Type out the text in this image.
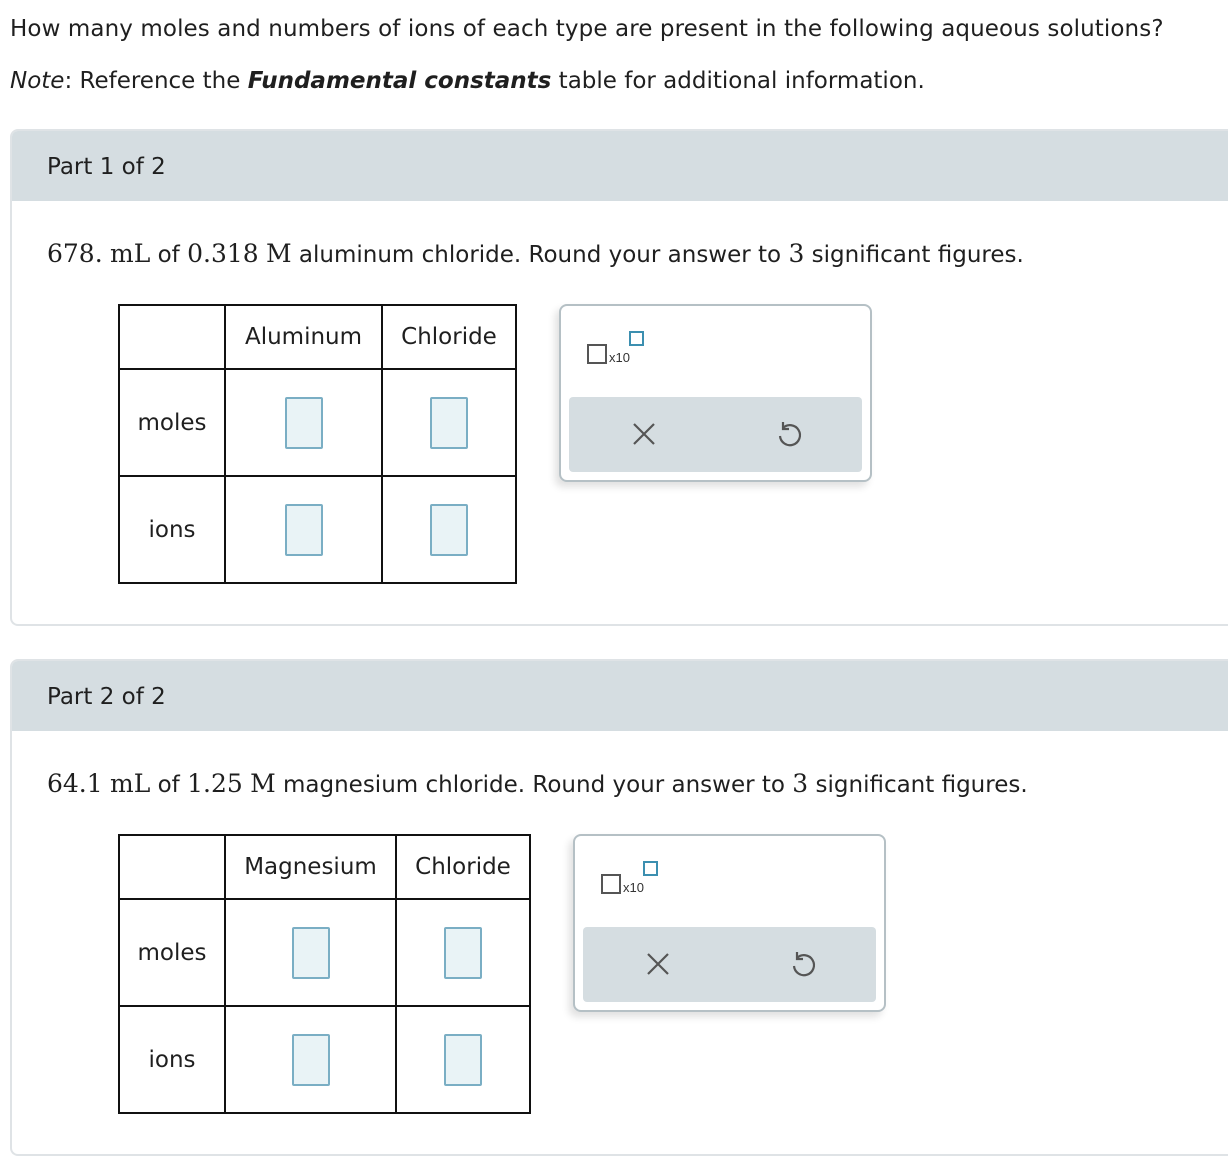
How many moles and numbers of ions of each type are present in the following aqueous solutions?
Note: Reference the Fundamental constants table for additional information.
Part 1 of 2
678. mL of 0.318 M aluminum chloride. Round your answer to 3 significant figures.
	Aluminum	Chloride
moles		
ions		
x10
Part 2 of 2
64.1 mL of 1.25 M magnesium chloride. Round your answer to 3 significant figures.
	Magnesium	Chloride
moles		
ions		
x10
